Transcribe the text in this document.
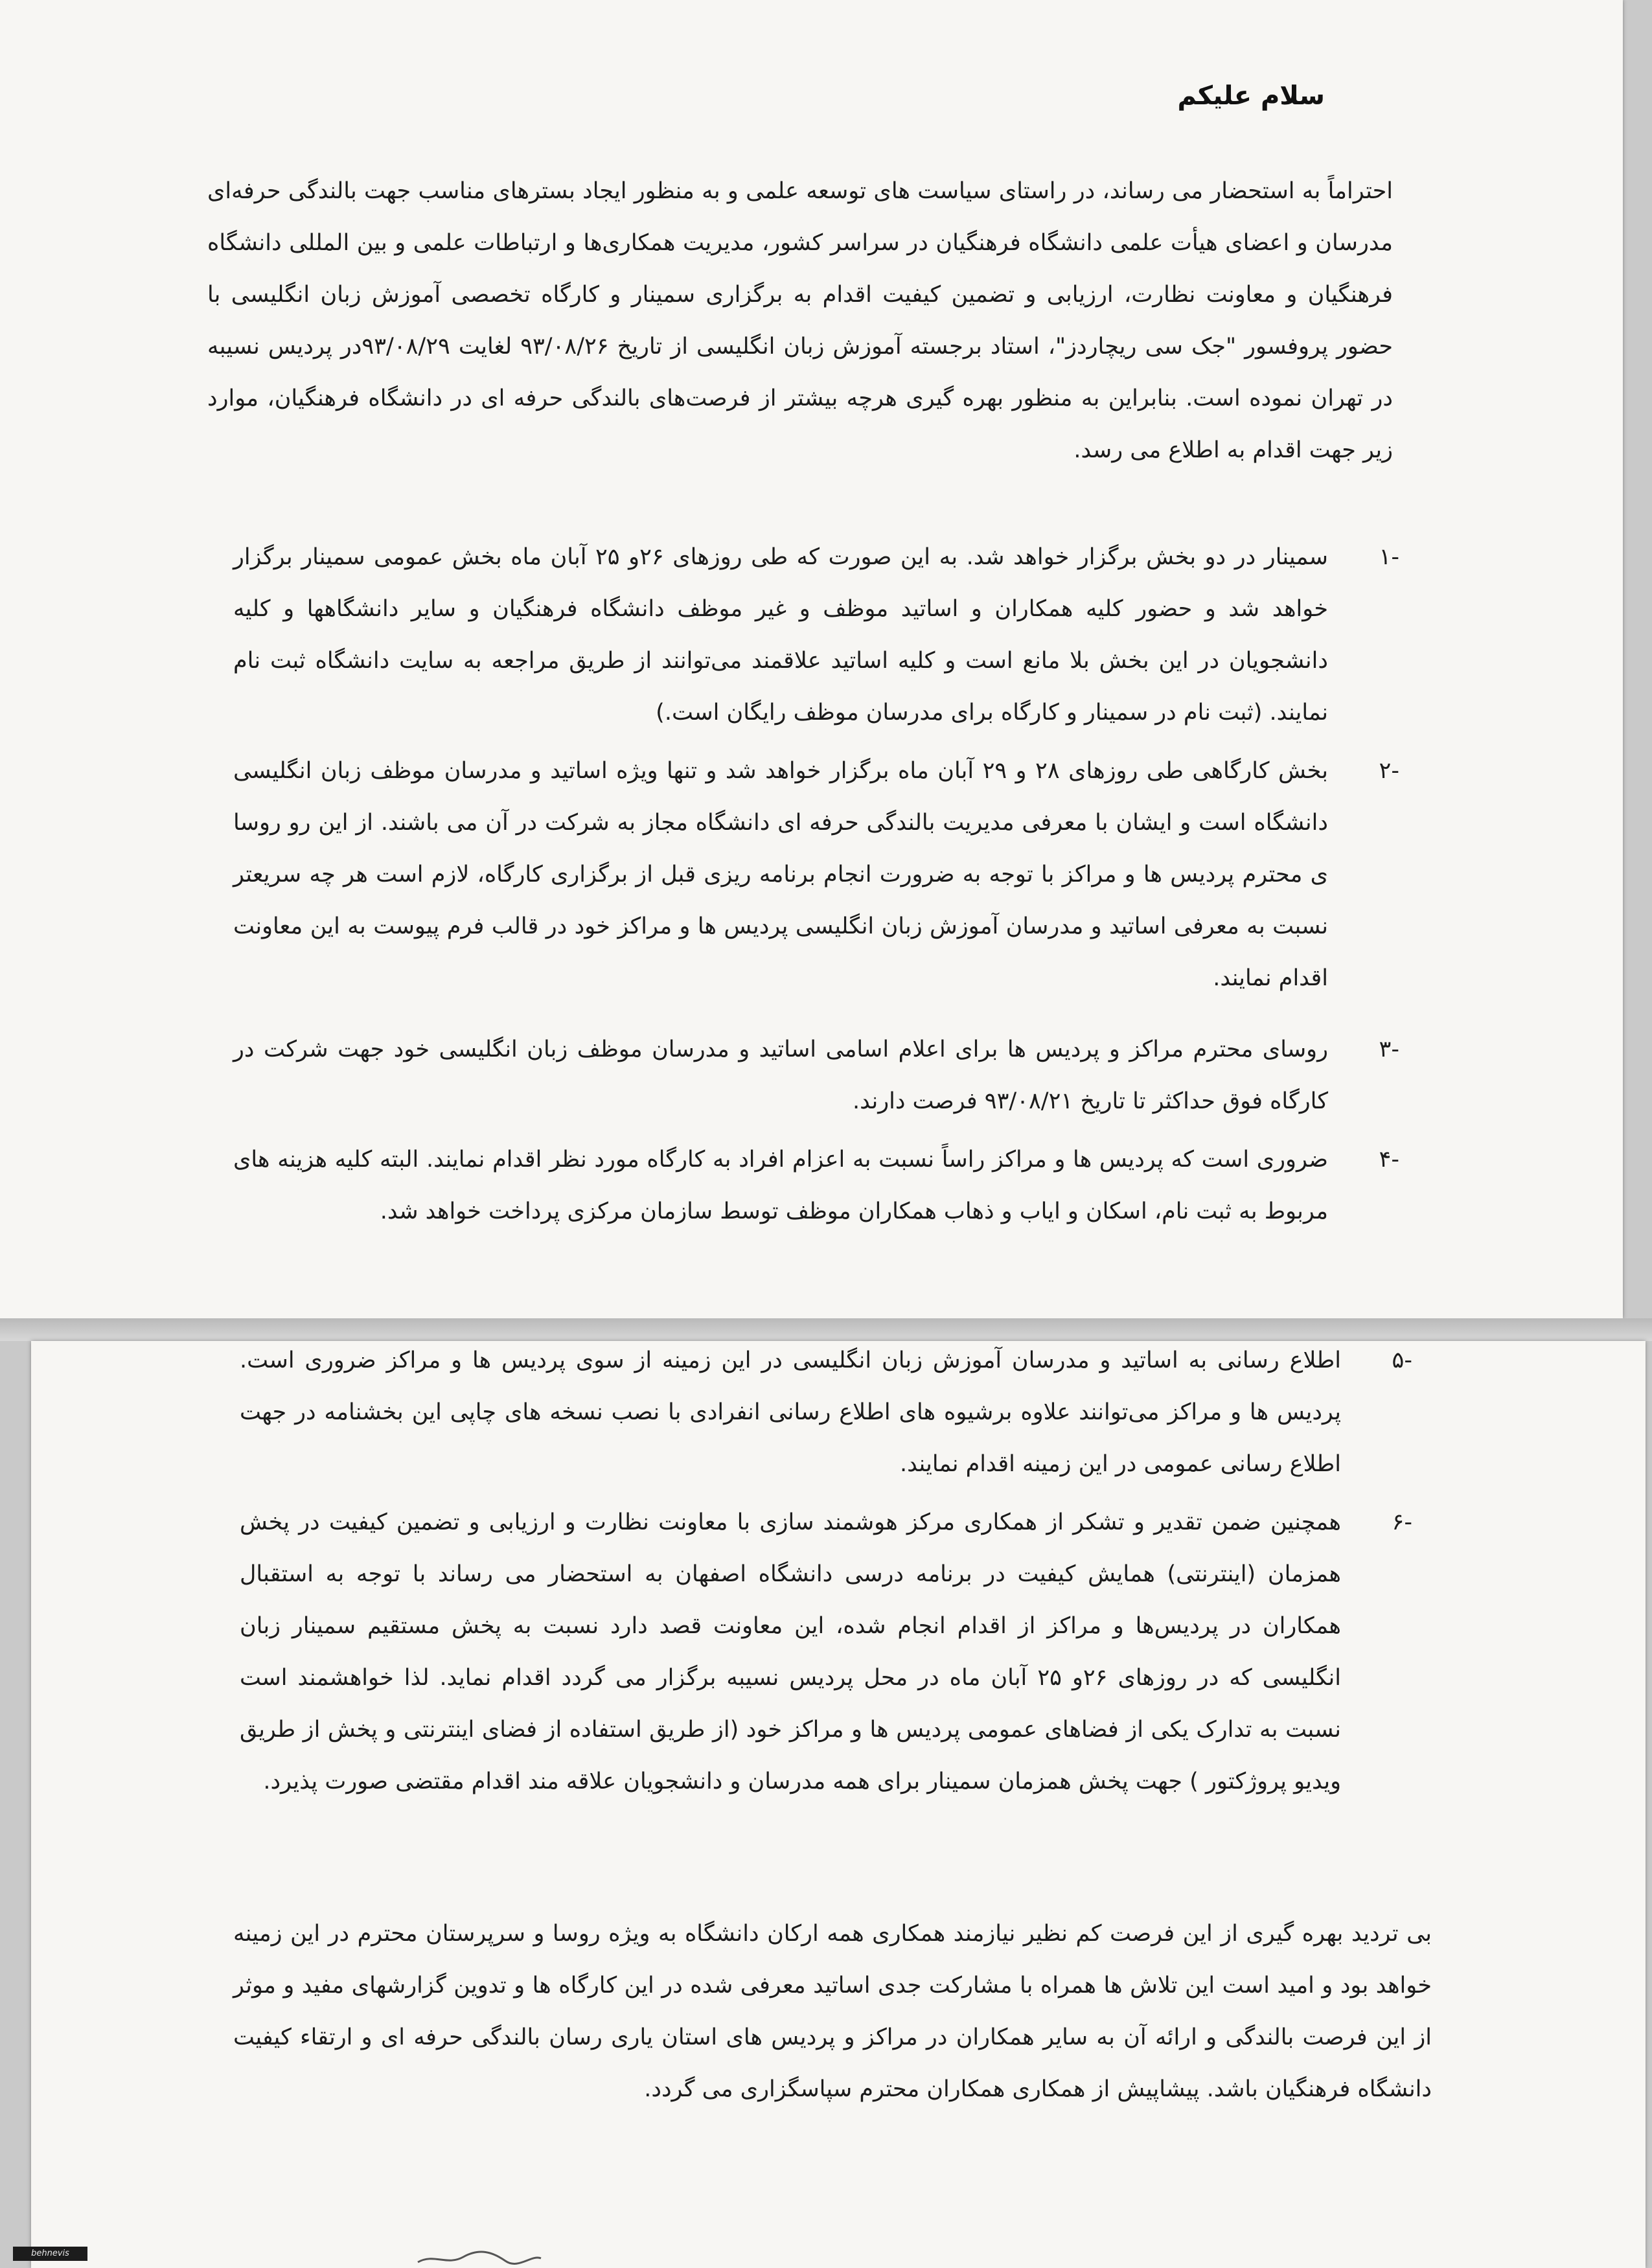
سلام علیکم

احتراماً به استحضار می رساند، در راستای سیاست های توسعه علمی و به منظور ایجاد بسترهای مناسب جهت بالندگی حرفه‌ای مدرسان و اعضای هیأت علمی دانشگاه فرهنگیان در سراسر کشور، مدیریت همکاری‌ها و ارتباطات علمی و بین المللی دانشگاه فرهنگیان و معاونت نظارت، ارزیابی و تضمین کیفیت اقدام به برگزاری سمینار و کارگاه تخصصی آموزش زبان انگلیسی با حضور پروفسور "جک سی ریچاردز"، استاد برجسته آموزش زبان انگلیسی از تاریخ ۹۳/۰۸/۲۶ لغایت ۹۳/۰۸/۲۹در پردیس نسیبه در تهران نموده است. بنابراین به منظور بهره گیری هرچه بیشتر از فرصت‌های بالندگی حرفه ای در دانشگاه فرهنگیان، موارد زیر جهت اقدام به اطلاع می رسد.

-۱

سمینار در دو بخش برگزار خواهد شد. به این صورت که طی روزهای ۲۶و ۲۵ آبان ماه بخش عمومی سمینار برگزار خواهد شد و حضور کلیه همکاران و اساتید موظف و غیر موظف دانشگاه فرهنگیان و سایر دانشگاهها و کلیه دانشجویان در این بخش بلا مانع است و کلیه اساتید علاقمند می‌توانند از طریق مراجعه به سایت دانشگاه ثبت نام نمایند. (ثبت نام در سمینار و کارگاه برای مدرسان موظف رایگان است.)

-۲

بخش کارگاهی طی روزهای ۲۸ و ۲۹ آبان ماه برگزار خواهد شد و تنها ویژه اساتید و مدرسان موظف زبان انگلیسی دانشگاه است و ایشان با معرفی مدیریت بالندگی حرفه ای دانشگاه مجاز به شرکت در آن می باشند. از این رو روسا ی محترم پردیس ها و مراکز با توجه به ضرورت انجام برنامه ریزی قبل از برگزاری کارگاه، لازم است هر چه سریعتر نسبت به معرفی اساتید و مدرسان آموزش زبان انگلیسی پردیس ها و مراکز خود در قالب فرم پیوست به این معاونت اقدام نمایند.

-۳

روسای محترم مراکز و پردیس ها برای اعلام اسامی اساتید و مدرسان موظف زبان انگلیسی خود جهت شرکت در کارگاه فوق حداکثر تا تاریخ ۹۳/۰۸/۲۱ فرصت دارند.

-۴

ضروری است که پردیس ها و مراکز راساً نسبت به اعزام افراد به کارگاه مورد نظر اقدام نمایند. البته کلیه هزینه های مربوط به ثبت نام، اسکان و ایاب و ذهاب همکاران موظف توسط سازمان مرکزی پرداخت خواهد شد.

-۵

اطلاع رسانی به اساتید و مدرسان آموزش زبان انگلیسی در این زمینه از سوی پردیس ها و مراکز ضروری است. پردیس ها و مراکز می‌توانند علاوه برشیوه های اطلاع رسانی انفرادی با نصب نسخه های چاپی این بخشنامه در جهت اطلاع رسانی عمومی در این زمینه اقدام نمایند.

-۶

همچنین ضمن تقدیر و تشکر از همکاری مرکز هوشمند سازی با معاونت نظارت و ارزیابی و تضمین کیفیت در پخش همزمان (اینترنتی) همایش کیفیت در برنامه درسی دانشگاه اصفهان به استحضار می رساند با توجه به استقبال همکاران در پردیس‌ها و مراکز از اقدام انجام شده، این معاونت قصد دارد نسبت به پخش مستقیم سمینار زبان انگلیسی که در روزهای ۲۶و ۲۵ آبان ماه در محل پردیس نسیبه برگزار می گردد اقدام نماید. لذا خواهشمند است نسبت به تدارک یکی از فضاهای عمومی پردیس ها و مراکز خود (از طریق استفاده از فضای اینترنتی و پخش از طریق ویدیو پروژکتور ) جهت پخش همزمان سمینار برای همه مدرسان و دانشجویان علاقه مند اقدام مقتضی صورت پذیرد.

بی تردید بهره گیری از این فرصت کم نظیر نیازمند همکاری همه ارکان دانشگاه به ویژه روسا و سرپرستان محترم در این زمینه خواهد بود و امید است این تلاش ها همراه با مشارکت جدی اساتید معرفی شده در این کارگاه ها و تدوین گزارشهای مفید و موثر از این فرصت بالندگی و ارائه آن به سایر همکاران در مراکز و پردیس های استان یاری رسان بالندگی حرفه ای و ارتقاء کیفیت دانشگاه فرهنگیان باشد. پیشاپیش از همکاری همکاران محترم سپاسگزاری می گردد.

behnevis
